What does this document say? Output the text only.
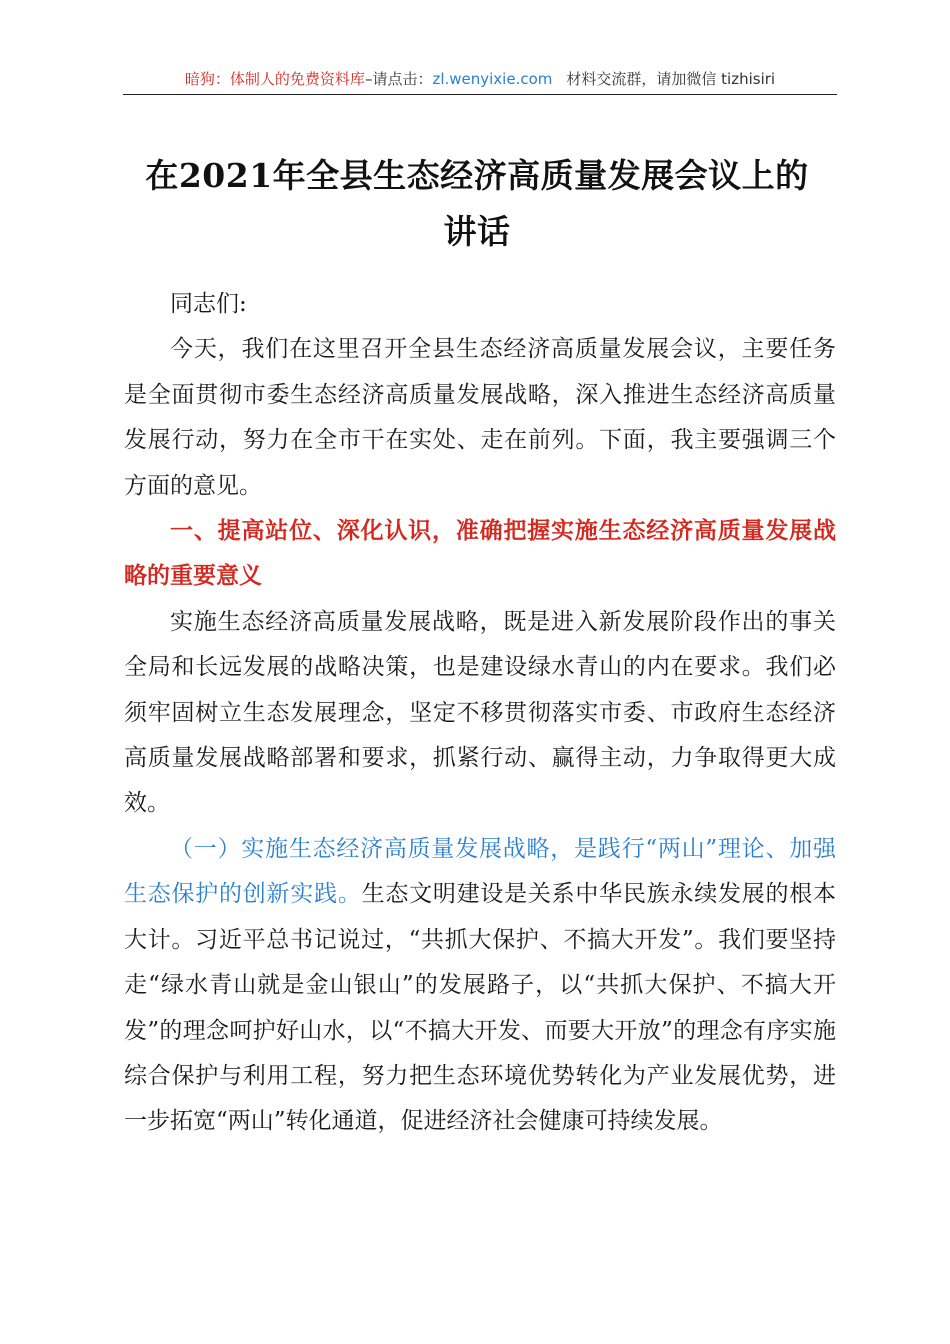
暗狗：体制人的免费资料库–请点击：zl.wenyixie.com 材料交流群，请加微信 tizhisiri
在2021年全县生态经济高质量发展会议上的
讲话

同志们:

今天，我们在这里召开全县生态经济高质量发展会议，主要任务是全面贯彻市委生态经济高质量发展战略，深入推进生态经济高质量发展行动，努力在全市干在实处、走在前列。下面，我主要强调三个方面的意见。

一、提高站位、深化认识，准确把握实施生态经济高质量发展战略的重要意义

实施生态经济高质量发展战略，既是进入新发展阶段作出的事关全局和长远发展的战略决策，也是建设绿水青山的内在要求。我们必须牢固树立生态发展理念，坚定不移贯彻落实市委、市政府生态经济高质量发展战略部署和要求，抓紧行动、赢得主动，力争取得更大成效。

（一）实施生态经济高质量发展战略，是践行“两山”理论、加强生态保护的创新实践。生态文明建设是关系中华民族永续发展的根本大计。习近平总书记说过，“共抓大保护、不搞大开发”。我们要坚持走“绿水青山就是金山银山”的发展路子，以“共抓大保护、不搞大开发”的理念呵护好山水，以“不搞大开发、而要大开放”的理念有序实施综合保护与利用工程，努力把生态环境优势转化为产业发展优势，进一步拓宽“两山”转化通道，促进经济社会健康可持续发展。
